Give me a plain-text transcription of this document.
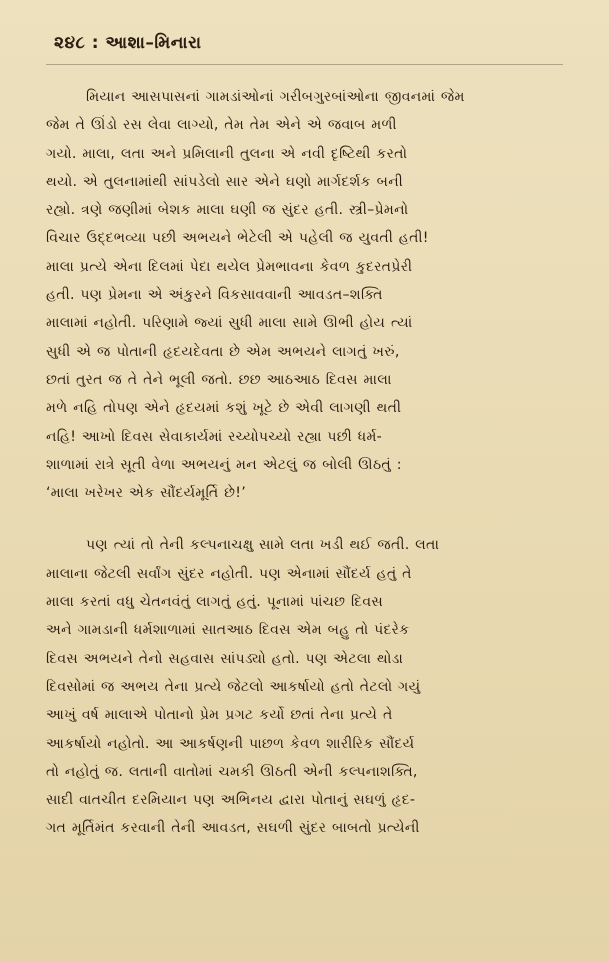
૨૪૮ : આશા–મિનારા
મિયાન આસપાસનાં ગામડાંઓનાં ગરીબગુરબાંઓના જીવનમાં જેમ
જેમ તે ઊંડો રસ લેવા લાગ્યો, તેમ તેમ એને એ જવાબ મળી
ગયો. માલા, લતા અને પ્રમિલાની તુલના એ નવી દૃષ્ટિથી કરતો
થયો. એ તુલનામાંથી સાંપડેલો સાર એને ઘણો માર્ગદર્શક બની
રહ્યો. ત્રણે જણીમાં બેશક માલા ઘણી જ સુંદર હતી. સ્ત્રી–પ્રેમનો
વિચાર ઉદ્દભવ્યા પછી અભયને ભેટેલી એ પહેલી જ યુવતી હતી!
માલા પ્રત્યે એના દિલમાં પેદા થયેલ પ્રેમભાવના કેવળ કુદરતપ્રેરી
હતી. પણ પ્રેમના એ અંકુરને વિકસાવવાની આવડત–શક્તિ
માલામાં નહોતી. પરિણામે જ્યાં સુધી માલા સામે ઊભી હોય ત્યાં
સુધી એ જ પોતાની હૃદયદેવતા છે એમ અભયને લાગતું ખરું,
છતાં તુરત જ તે તેને ભૂલી જતો. છછ આઠઆઠ દિવસ માલા
મળે નહિ તોપણ એને હૃદયમાં કશું ખૂટે છે એવી લાગણી થતી
નહિ! આખો દિવસ સેવાકાર્યમાં રચ્યોપચ્યો રહ્યા પછી ધર્મ-
શાળામાં રાત્રે સૂતી વેળા અભયનું મન એટલું જ બોલી ઊઠતું :
‘માલા ખરેખર એક સૌંદર્યમૂર્તિ છે!’
પણ ત્યાં તો તેની કલ્પનાચક્ષુ સામે લતા ખડી થઈ જતી. લતા
માલાના જેટલી સર્વાંગ સુંદર નહોતી. પણ એનામાં સૌંદર્ય હતું તે
માલા કરતાં વધુ ચેતનવંતું લાગતું હતું. પૂનામાં પાંચછ દિવસ
અને ગામડાની ધર્મશાળામાં સાતઆઠ દિવસ એમ બહુ તો પંદરેક
દિવસ અભયને તેનો સહવાસ સાંપડ્યો હતો. પણ એટલા થોડા
દિવસોમાં જ અભય તેના પ્રત્યે જેટલો આકર્ષાયો હતો તેટલો ગયું
આખું વર્ષ માલાએ પોતાનો પ્રેમ પ્રગટ કર્યો છતાં તેના પ્રત્યે તે
આકર્ષાયો નહોતો. આ આકર્ષણની પાછળ કેવળ શારીરિક સૌંદર્ય
તો નહોતું જ. લતાની વાતોમાં ચમકી ઊઠતી એની કલ્પનાશક્તિ,
સાદી વાતચીત દરમિયાન પણ અભિનય દ્વારા પોતાનું સઘળું હૃદ-
ગત મૂર્તિમંત કરવાની તેની આવડત, સઘળી સુંદર બાબતો પ્રત્યેની
